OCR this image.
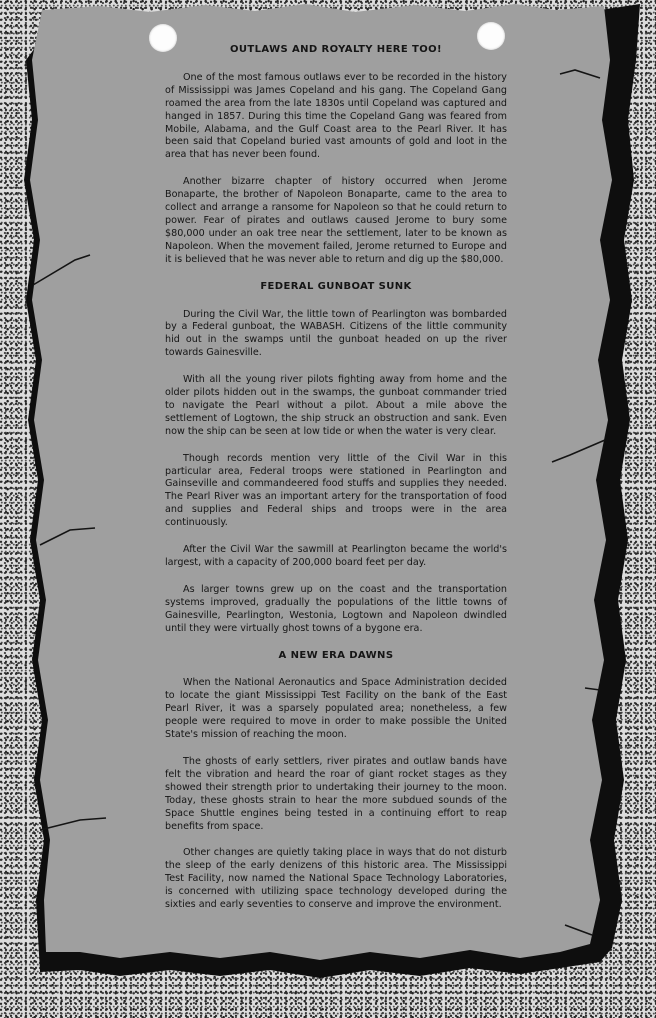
OUTLAWS AND ROYALTY HERE TOO!

One of the most famous outlaws ever to be recorded in the history of Mississippi was James Copeland and his gang. The Copeland Gang roamed the area from the late 1830s until Copeland was captured and hanged in 1857. During this time the Copeland Gang was feared from Mobile, Alabama, and the Gulf Coast area to the Pearl River. It has been said that Copeland buried vast amounts of gold and loot in the area that has never been found.

Another bizarre chapter of history occurred when Jerome Bonaparte, the brother of Napoleon Bonaparte, came to the area to collect and arrange a ransome for Napoleon so that he could return to power. Fear of pirates and outlaws caused Jerome to bury some $80,000 under an oak tree near the settlement, later to be known as Napoleon. When the movement failed, Jerome returned to Europe and it is believed that he was never able to return and dig up the $80,000.

FEDERAL GUNBOAT SUNK

During the Civil War, the little town of Pearlington was bombarded by a Federal gunboat, the WABASH. Citizens of the little community hid out in the swamps until the gunboat headed on up the river towards Gainesville.

With all the young river pilots fighting away from home and the older pilots hidden out in the swamps, the gunboat commander tried to navigate the Pearl without a pilot. About a mile above the settlement of Logtown, the ship struck an obstruction and sank. Even now the ship can be seen at low tide or when the water is very clear.

Though records mention very little of the Civil War in this particular area, Federal troops were stationed in Pearlington and Gainseville and commandeered food stuffs and supplies they needed. The Pearl River was an important artery for the transportation of food and supplies and Federal ships and troops were in the area continuously.

After the Civil War the sawmill at Pearlington became the world's largest, with a capacity of 200,000 board feet per day.

As larger towns grew up on the coast and the transportation systems improved, gradually the populations of the little towns of Gainesville, Pearlington, Westonia, Logtown and Napoleon dwindled until they were virtually ghost towns of a bygone era.

A NEW ERA DAWNS

When the National Aeronautics and Space Administration decided to locate the giant Mississippi Test Facility on the bank of the East Pearl River, it was a sparsely populated area; nonetheless, a few people were required to move in order to make possible the United State's mission of reaching the moon.

The ghosts of early settlers, river pirates and outlaw bands have felt the vibration and heard the roar of giant rocket stages as they showed their strength prior to undertaking their journey to the moon. Today, these ghosts strain to hear the more subdued sounds of the Space Shuttle engines being tested in a continuing effort to reap benefits from space.

Other changes are quietly taking place in ways that do not disturb the sleep of the early denizens of this historic area. The Mississippi Test Facility, now named the National Space Technology Laboratories, is concerned with utilizing space technology developed during the sixties and early seventies to conserve and improve the environment.
